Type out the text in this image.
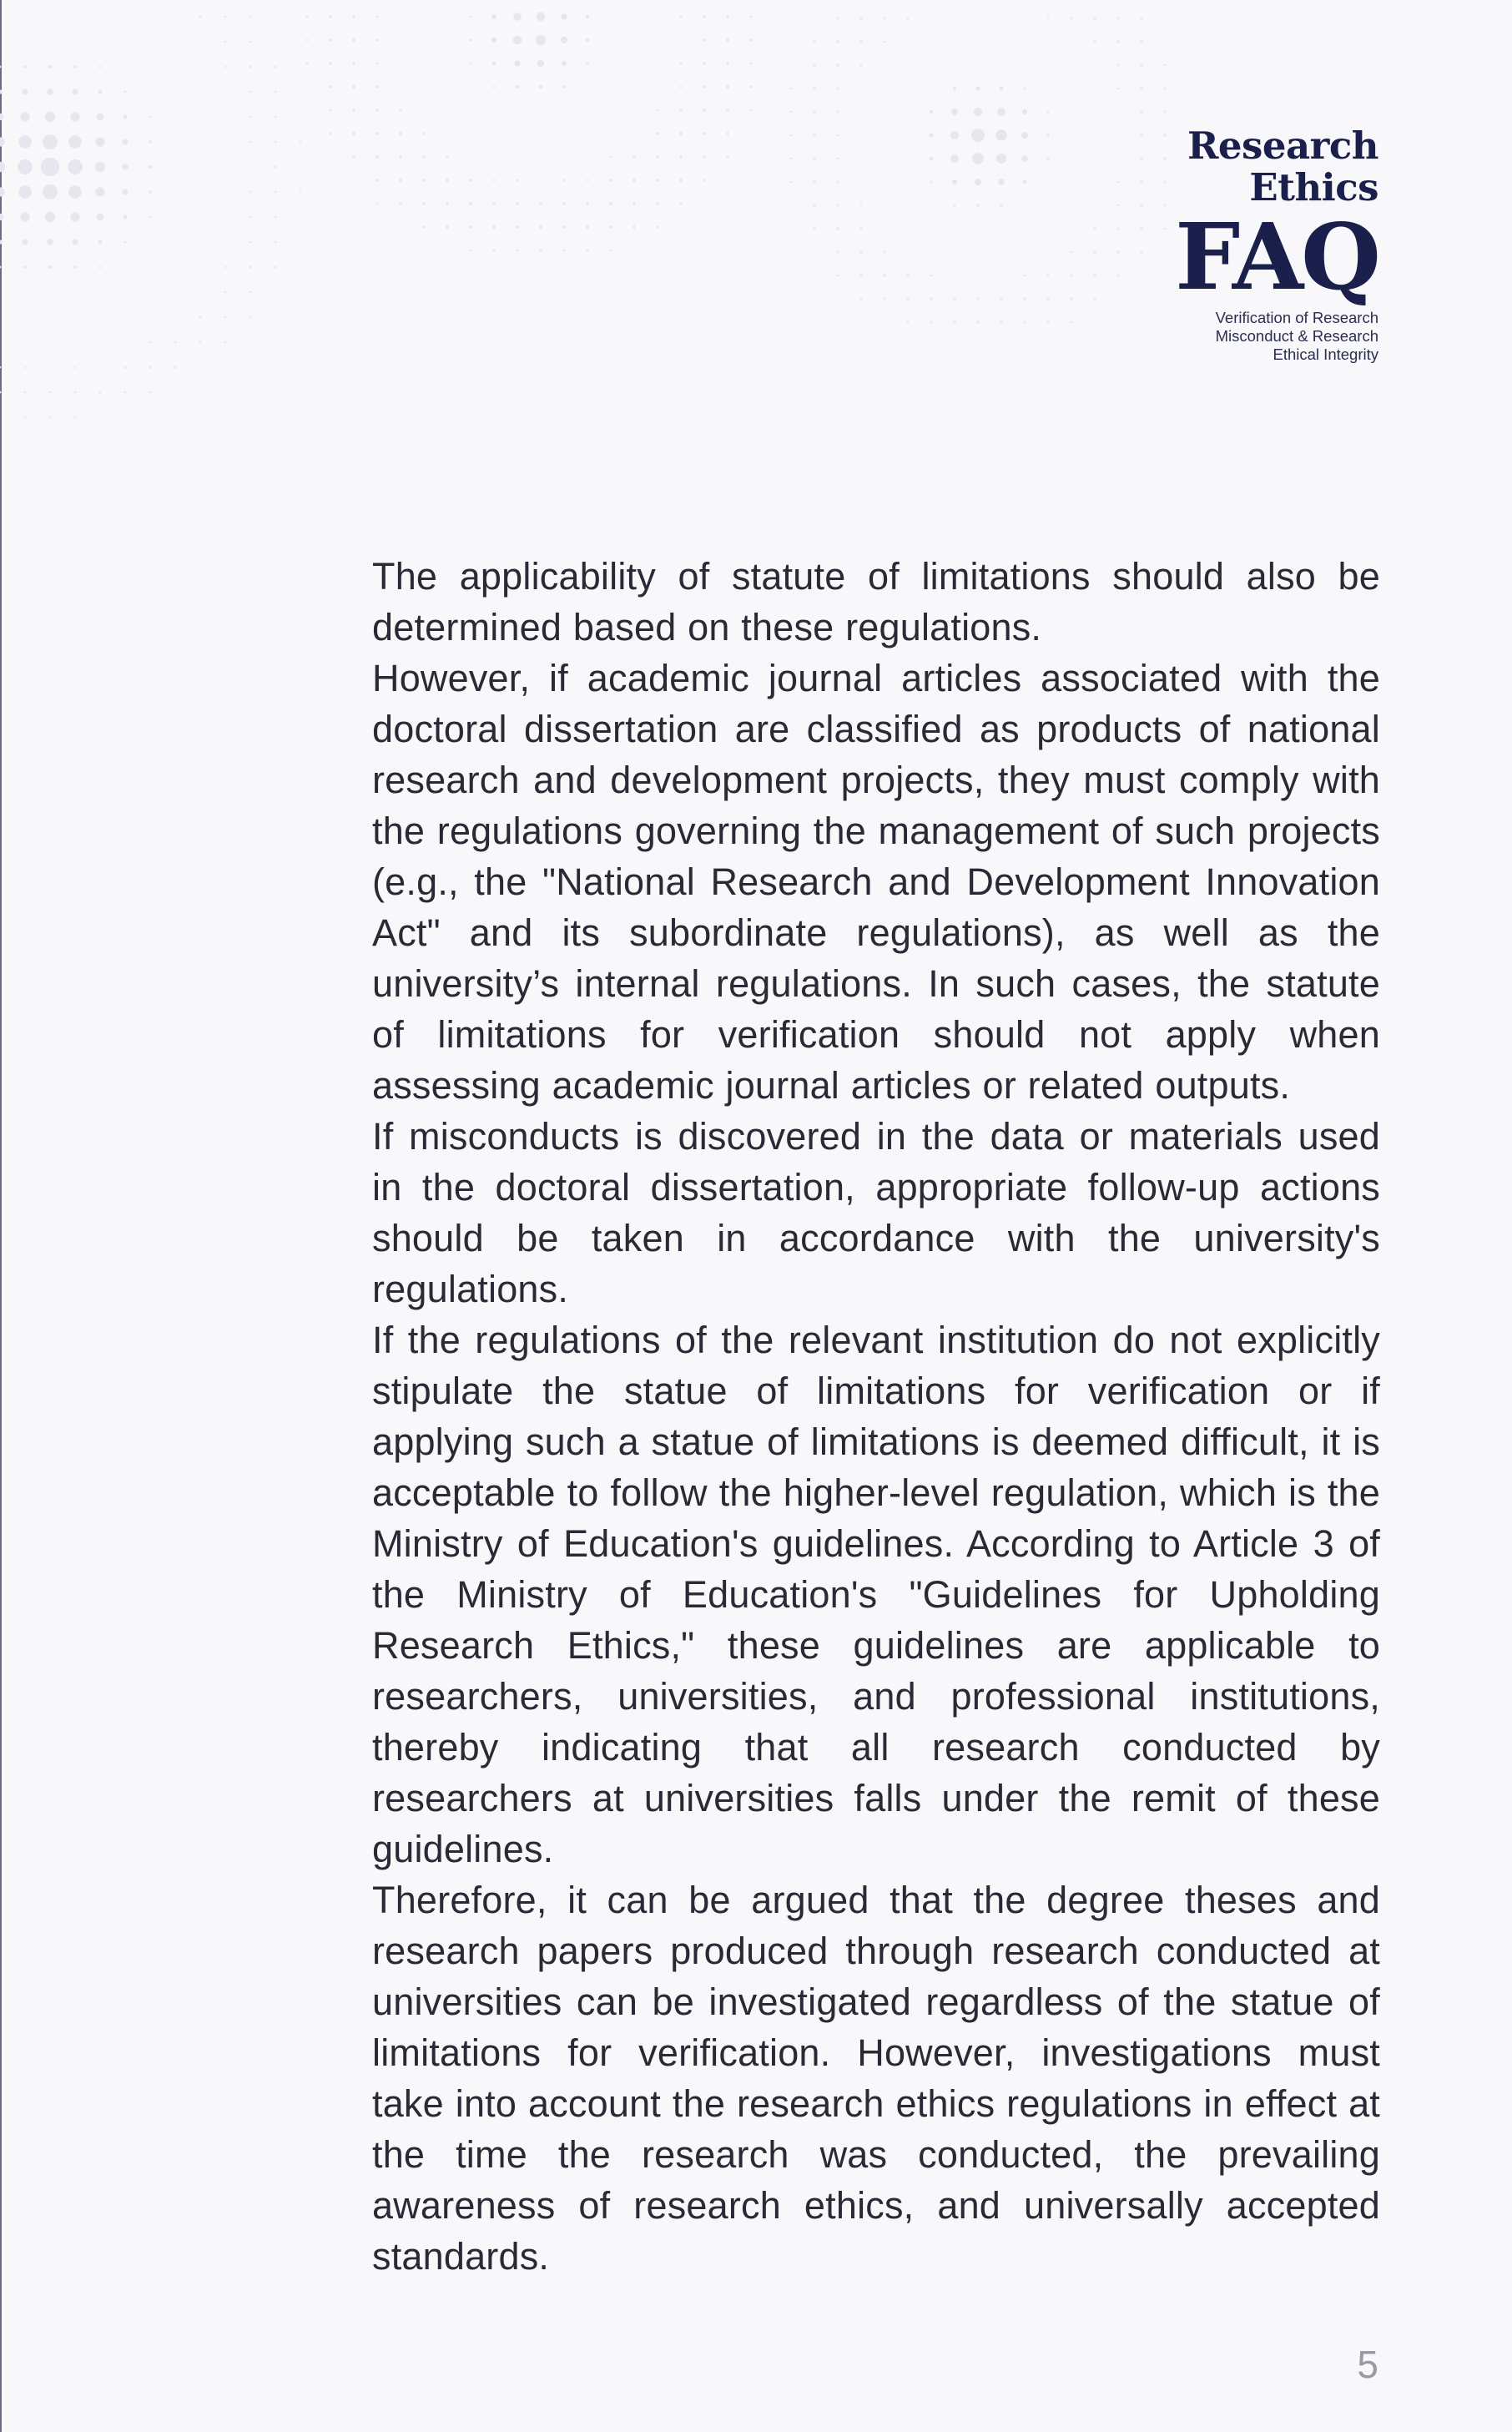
Research
Ethics
FAQ
Verification of Research
Misconduct & Research
Ethical Integrity

The applicability of statute of limitations should also be determined based on these regulations.

However, if academic journal articles associated with the doctoral dissertation are classified as products of national research and development projects, they must comply with the regulations governing the management of such projects (e.g., the "National Research and Development Innovation Act" and its subordinate regulations), as well as the university’s internal regulations. In such cases, the statute of limitations for verification should not apply when assessing academic journal articles or related outputs.

If misconducts is discovered in the data or materials used in the doctoral dissertation, appropriate follow-up actions should be taken in accordance with the university's regulations.

If the regulations of the relevant institution do not explicitly stipulate the statue of limitations for verification or if applying such a statue of limitations is deemed difficult, it is acceptable to follow the higher-level regulation, which is the Ministry of Education's guidelines. According to Article 3 of the Ministry of Education's "Guidelines for Upholding Research Ethics," these guidelines are applicable to researchers, universities, and professional institutions, thereby indicating that all research conducted by researchers at universities falls under the remit of these guidelines.

Therefore, it can be argued that the degree theses and research papers produced through research conducted at universities can be investigated regardless of the statue of limitations for verification. However, investigations must take into account the research ethics regulations in effect at the time the research was conducted, the prevailing awareness of research ethics, and universally accepted standards.

5
